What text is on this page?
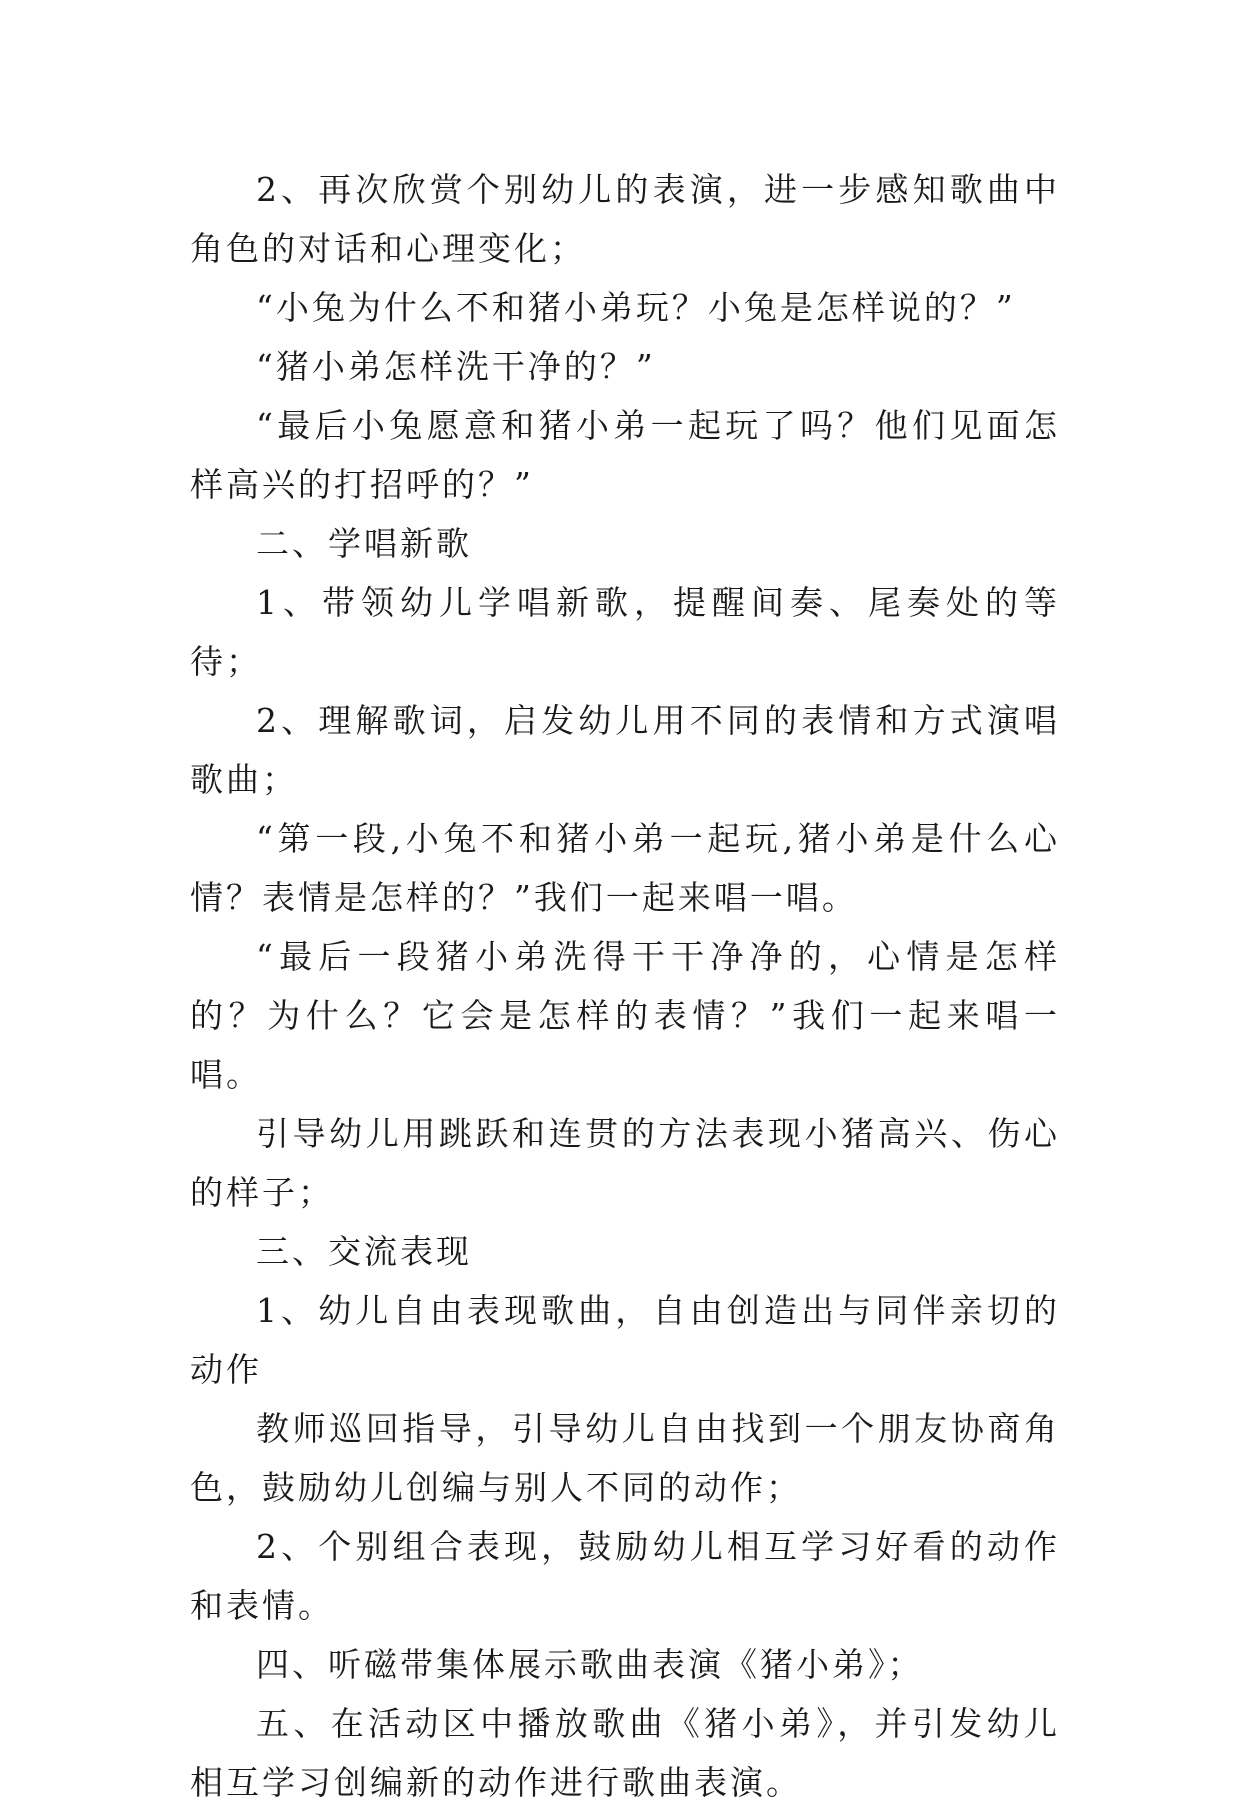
2、再次欣赏个别幼儿的表演，进一步感知歌曲中角色的对话和心理变化；

“小兔为什么不和猪小弟玩？小兔是怎样说的？”

“猪小弟怎样洗干净的？”

“最后小兔愿意和猪小弟一起玩了吗？他们见面怎样高兴的打招呼的？”

二、学唱新歌

1、带领幼儿学唱新歌，提醒间奏、尾奏处的等待；

2、理解歌词，启发幼儿用不同的表情和方式演唱歌曲；

“第一段,小兔不和猪小弟一起玩,猪小弟是什么心情？表情是怎样的？”我们一起来唱一唱。

“最后一段猪小弟洗得干干净净的，心情是怎样的？为什么？它会是怎样的表情？”我们一起来唱一唱。

引导幼儿用跳跃和连贯的方法表现小猪高兴、伤心的样子；

三、交流表现

1、幼儿自由表现歌曲，自由创造出与同伴亲切的动作

教师巡回指导，引导幼儿自由找到一个朋友协商角色，鼓励幼儿创编与别人不同的动作；

2、个别组合表现，鼓励幼儿相互学习好看的动作和表情。

四、听磁带集体展示歌曲表演《猪小弟》；

五、在活动区中播放歌曲《猪小弟》，并引发幼儿相互学习创编新的动作进行歌曲表演。
